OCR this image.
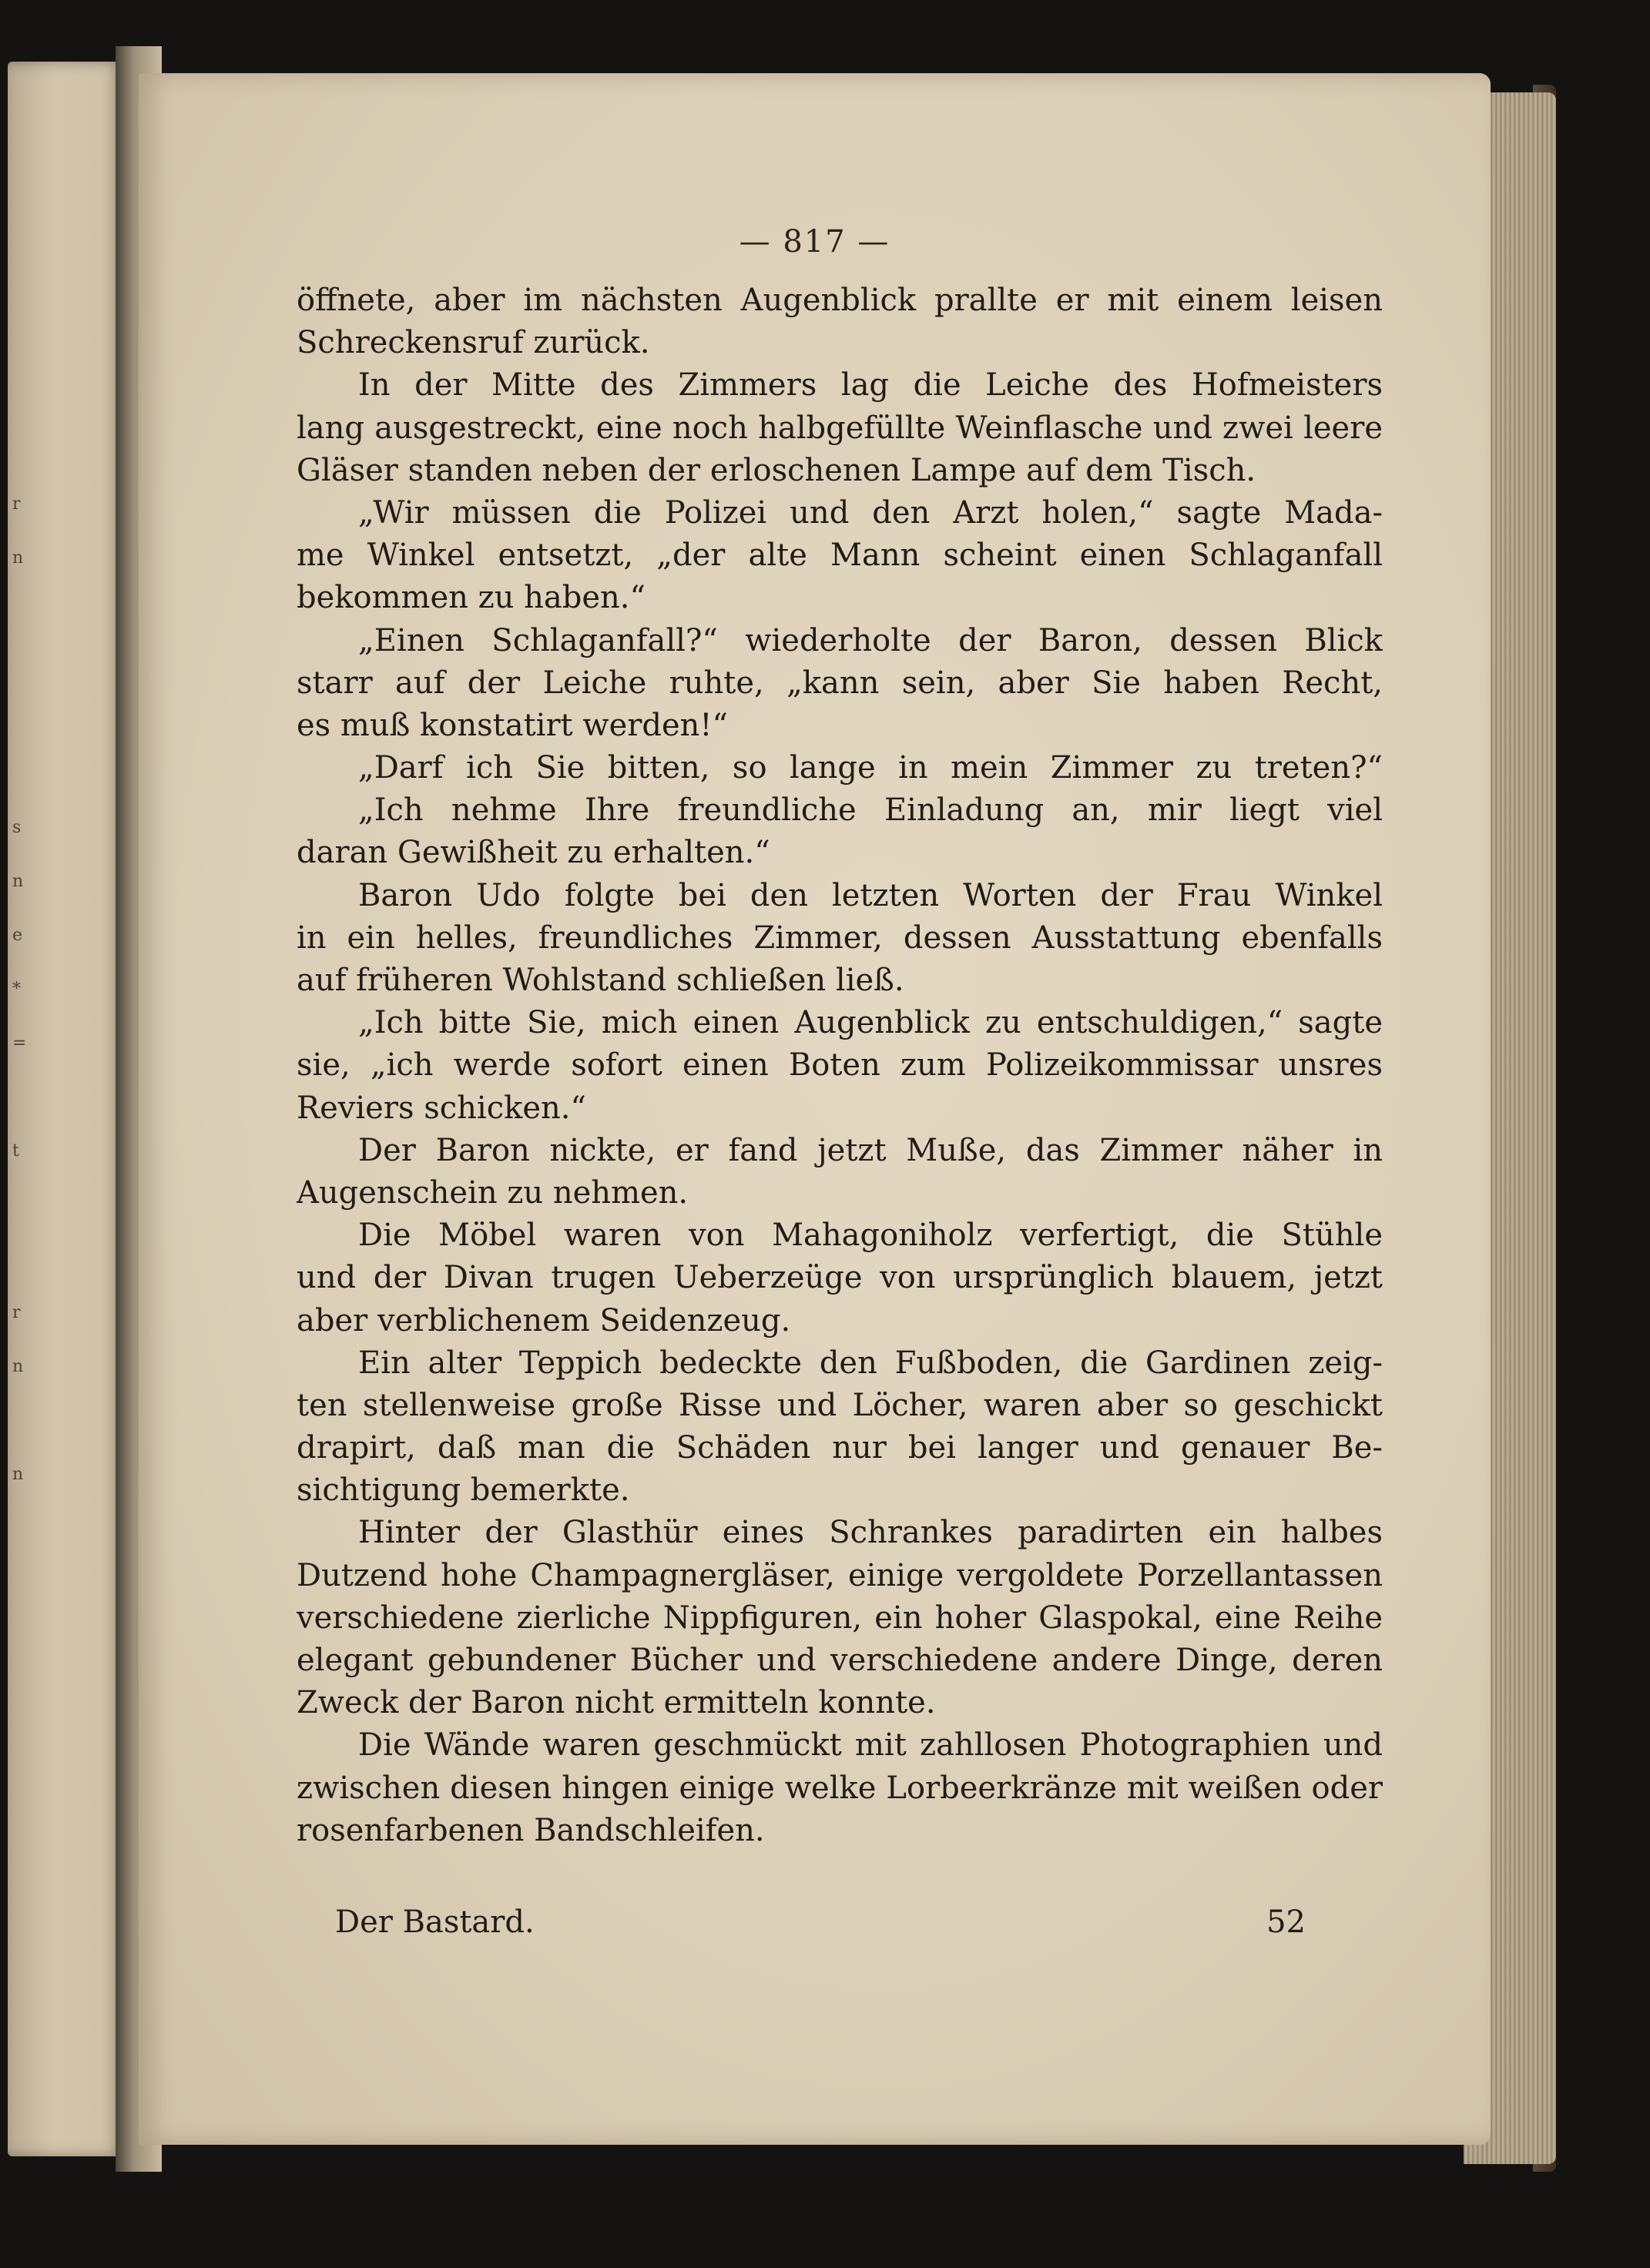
r
n

s
n
e
*
=

t

r
n

n
— 817 —
öffnete, aber im nächsten Augenblick prallte er mit einem leisen
Schreckensruf zurück.
In der Mitte des Zimmers lag die Leiche des Hofmeisters
lang ausgestreckt, eine noch halbgefüllte Weinflasche und zwei leere
Gläser standen neben der erloschenen Lampe auf dem Tisch.
„Wir müssen die Polizei und den Arzt holen,“ sagte Mada-
me Winkel entsetzt, „der alte Mann scheint einen Schlaganfall
bekommen zu haben.“
„Einen Schlaganfall?“ wiederholte der Baron, dessen Blick
starr auf der Leiche ruhte, „kann sein, aber Sie haben Recht,
es muß konstatirt werden!“
„Darf ich Sie bitten, so lange in mein Zimmer zu treten?“
„Ich nehme Ihre freundliche Einladung an, mir liegt viel
daran Gewißheit zu erhalten.“
Baron Udo folgte bei den letzten Worten der Frau Winkel
in ein helles, freundliches Zimmer, dessen Ausstattung ebenfalls
auf früheren Wohlstand schließen ließ.
„Ich bitte Sie, mich einen Augenblick zu entschuldigen,“ sagte
sie, „ich werde sofort einen Boten zum Polizeikommissar unsres
Reviers schicken.“
Der Baron nickte, er fand jetzt Muße, das Zimmer näher in
Augenschein zu nehmen.
Die Möbel waren von Mahagoniholz verfertigt, die Stühle
und der Divan trugen Ueberzeüge von ursprünglich blauem, jetzt
aber verblichenem Seidenzeug.
Ein alter Teppich bedeckte den Fußboden, die Gardinen zeig-
ten stellenweise große Risse und Löcher, waren aber so geschickt
drapirt, daß man die Schäden nur bei langer und genauer Be-
sichtigung bemerkte.
Hinter der Glasthür eines Schrankes paradirten ein halbes
Dutzend hohe Champagnergläser, einige vergoldete Porzellantassen
verschiedene zierliche Nippfiguren, ein hoher Glaspokal, eine Reihe
elegant gebundener Bücher und verschiedene andere Dinge, deren
Zweck der Baron nicht ermitteln konnte.
Die Wände waren geschmückt mit zahllosen Photographien und
zwischen diesen hingen einige welke Lorbeerkränze mit weißen oder
rosenfarbenen Bandschleifen.
Der Bastard.	52
